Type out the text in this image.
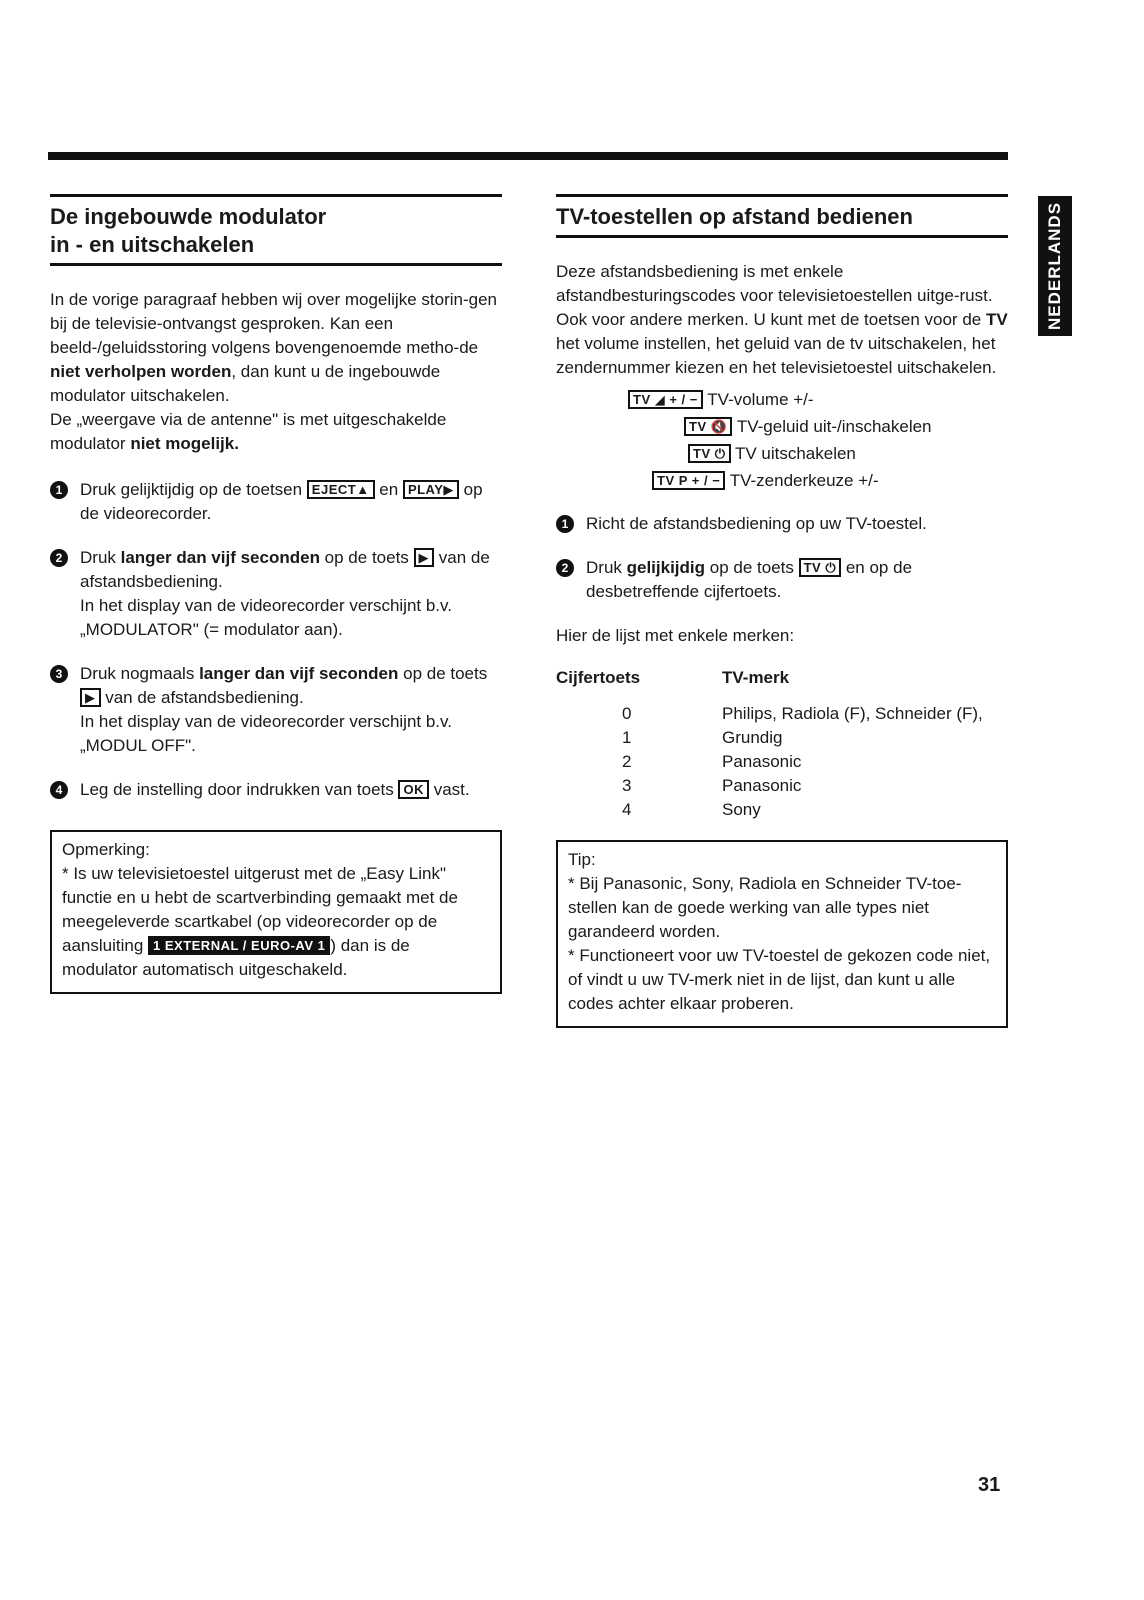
NEDERLANDS
De ingebouwde modulator
in - en uitschakelen

In de vorige paragraaf hebben wij over mogelijke storin-gen bij de televisie-ontvangst gesproken. Kan een beeld-/geluidsstoring volgens bovengenoemde metho-de niet verholpen worden, dan kunt u de ingebouwde modulator uitschakelen.

De „weergave via de antenne" is met uitgeschakelde modulator niet mogelijk.

1	Druk gelijktijdig op de toetsen EJECT▲ en PLAY▶ op de videorecorder.
2	Druk langer dan vijf seconden op de toets ▶ van de afstandsbediening.
In het display van de videorecorder verschijnt b.v. „MODULATOR" (= modulator aan).
3	Druk nogmaals langer dan vijf seconden op de toets ▶ van de afstandsbediening.
In het display van de videorecorder verschijnt b.v. „MODUL OFF".
4	Leg de instelling door indrukken van toets OK vast.
Opmerking:
* Is uw televisietoestel uitgerust met de „Easy Link" functie en u hebt de scartverbinding gemaakt met de meegeleverde scartkabel (op videorecorder op de aansluiting 1 EXTERNAL / EURO-AV 1 ) dan is de modulator automatisch uitgeschakeld.
TV-toestellen op afstand bedienen

Deze afstandsbediening is met enkele afstandbesturingscodes voor televisietoestellen uitge-rust. Ook voor andere merken. U kunt met de toetsen voor de TV het volume instellen, het geluid van de tv uitschakelen, het zendernummer kiezen en het televisietoestel uitschakelen.

TV ◢ + / − TV-volume +/-
TV 🔇 TV-geluid uit-/inschakelen
TV ⏻ TV uitschakelen
TV P + / − TV-zenderkeuze +/-
1	Richt de afstandsbediening op uw TV-toestel.
2	Druk gelijkijdig op de toets TV ⏻ en op de desbetreffende cijfertoets.

Hier de lijst met enkele merken:

Cijfertoets	TV-merk
0	Philips, Radiola (F), Schneider (F),
1	Grundig
2	Panasonic
3	Panasonic
4	Sony
Tip:
* Bij Panasonic, Sony, Radiola en Schneider TV-toe-stellen kan de goede werking van alle types niet garandeerd worden.
* Functioneert voor uw TV-toestel de gekozen code niet, of vindt u uw TV-merk niet in de lijst, dan kunt u alle codes achter elkaar proberen.
31
